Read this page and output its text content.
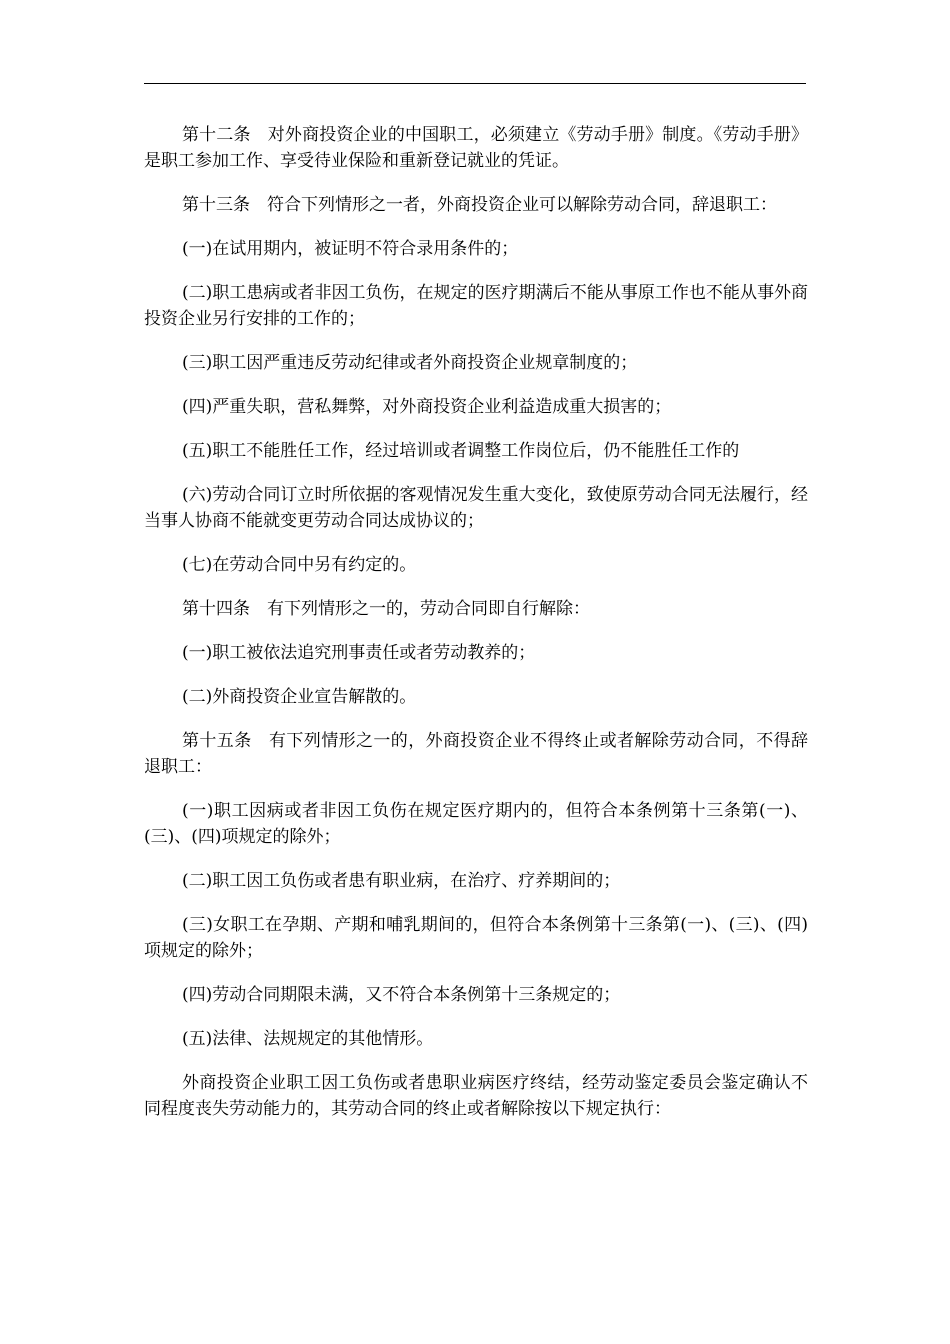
第十二条　对外商投资企业的中国职工，必须建立《劳动手册》制度。《劳动手册》是职工参加工作、享受待业保险和重新登记就业的凭证。

第十三条　符合下列情形之一者，外商投资企业可以解除劳动合同，辞退职工：

(一)在试用期内，被证明不符合录用条件的；

(二)职工患病或者非因工负伤，在规定的医疗期满后不能从事原工作也不能从事外商投资企业另行安排的工作的；

(三)职工因严重违反劳动纪律或者外商投资企业规章制度的；

(四)严重失职，营私舞弊，对外商投资企业利益造成重大损害的；

(五)职工不能胜任工作，经过培训或者调整工作岗位后，仍不能胜任工作的

(六)劳动合同订立时所依据的客观情况发生重大变化，致使原劳动合同无法履行，经当事人协商不能就变更劳动合同达成协议的；

(七)在劳动合同中另有约定的。

第十四条　有下列情形之一的，劳动合同即自行解除：

(一)职工被依法追究刑事责任或者劳动教养的；

(二)外商投资企业宣告解散的。

第十五条　有下列情形之一的，外商投资企业不得终止或者解除劳动合同，不得辞退职工：

(一)职工因病或者非因工负伤在规定医疗期内的，但符合本条例第十三条第(一)、(三)、(四)项规定的除外；

(二)职工因工负伤或者患有职业病，在治疗、疗养期间的；

(三)女职工在孕期、产期和哺乳期间的，但符合本条例第十三条第(一)、(三)、(四)项规定的除外；

(四)劳动合同期限未满，又不符合本条例第十三条规定的；

(五)法律、法规规定的其他情形。

外商投资企业职工因工负伤或者患职业病医疗终结，经劳动鉴定委员会鉴定确认不同程度丧失劳动能力的，其劳动合同的终止或者解除按以下规定执行：
